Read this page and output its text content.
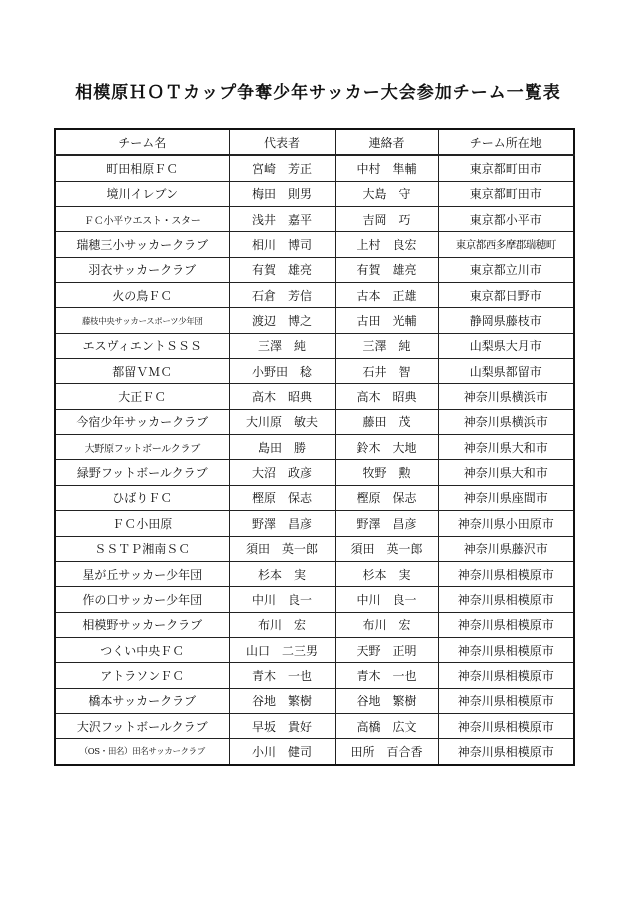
相模原ＨＯＴカップ争奪少年サッカー大会参加チーム一覧表
チーム名	代表者	連絡者	チーム所在地
町田相原ＦＣ	宮崎　芳正	中村　隼輔	東京都町田市
境川イレブン	梅田　則男	大島　守	東京都町田市
ＦＣ小平ウエスト・スター	浅井　嘉平	吉岡　巧	東京都小平市
瑞穂三小サッカークラブ	相川　博司	上村　良宏	東京都西多摩郡瑞穂町
羽衣サッカークラブ	有賀　雄亮	有賀　雄亮	東京都立川市
火の鳥ＦＣ	石倉　芳信	古本　正雄	東京都日野市
藤枝中央サッカースポーツ少年団	渡辺　博之	古田　光輔	静岡県藤枝市
エスヴィエントＳＳＳ	三澤　純	三澤　純	山梨県大月市
都留ＶＭＣ	小野田　稔	石井　智	山梨県都留市
大正ＦＣ	高木　昭典	高木　昭典	神奈川県横浜市
今宿少年サッカークラブ	大川原　敏夫	藤田　茂	神奈川県横浜市
大野原フットボールクラブ	島田　勝	鈴木　大地	神奈川県大和市
緑野フットボールクラブ	大沼　政彦	牧野　勲	神奈川県大和市
ひばりＦＣ	樫原　保志	樫原　保志	神奈川県座間市
ＦＣ小田原	野澤　昌彦	野澤　昌彦	神奈川県小田原市
ＳＳＴＰ湘南ＳＣ	須田　英一郎	須田　英一郎	神奈川県藤沢市
星が丘サッカー少年団	杉本　実	杉本　実	神奈川県相模原市
作の口サッカー少年団	中川　良一	中川　良一	神奈川県相模原市
相模野サッカークラブ	布川　宏	布川　宏	神奈川県相模原市
つくい中央ＦＣ	山口　二三男	天野　正明	神奈川県相模原市
アトラソンＦＣ	青木　一也	青木　一也	神奈川県相模原市
橋本サッカークラブ	谷地　繁樹	谷地　繁樹	神奈川県相模原市
大沢フットボールクラブ	早坂　貴好	高橋　広文	神奈川県相模原市
（OS・田名）田名サッカークラブ	小川　健司	田所　百合香	神奈川県相模原市
